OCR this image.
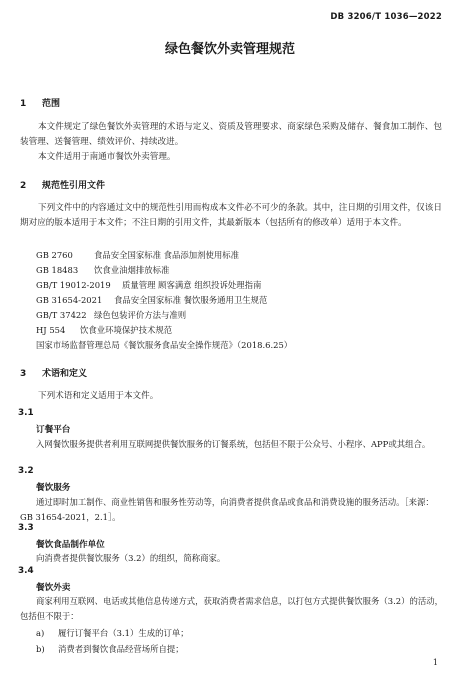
DB 3206/T 1036—2022
绿色餐饮外卖管理规范
1 范围
本文件规定了绿色餐饮外卖管理的术语与定义、资质及管理要求、商家绿色采购及储存、餐食加工制作、包装管理、送餐管理、绩效评价、持续改进。
本文件适用于南通市餐饮外卖管理。
2 规范性引用文件
下列文件中的内容通过文中的规范性引用而构成本文件必不可少的条款。其中，注日期的引用文件，仅该日期对应的版本适用于本文件；不注日期的引用文件，其最新版本（包括所有的修改单）适用于本文件。
GB 2760	食品安全国家标准 食品添加剂使用标准
GB 18483 饮食业油烟排放标准
GB/T 19012-2019 质量管理 顾客满意 组织投诉处理指南
GB 31654-2021 食品安全国家标准 餐饮服务通用卫生规范
GB/T 37422 绿色包装评价方法与准则
HJ 554 饮食业环境保护技术规范
国家市场监督管理总局《餐饮服务食品安全操作规范》（2018.6.25）
3 术语和定义
下列术语和定义适用于本文件。
3.1
订餐平台
入网餐饮服务提供者利用互联网提供餐饮服务的订餐系统，包括但不限于公众号、小程序、APP或其组合。
3.2
餐饮服务
通过即时加工制作、商业性销售和服务性劳动等，向消费者提供食品或食品和消费设施的服务活动。［来源：GB 31654-2021，2.1］。
3.3
餐饮食品制作单位
向消费者提供餐饮服务（3.2）的组织，简称商家。
3.4
餐饮外卖
商家利用互联网、电话或其他信息传递方式，获取消费者需求信息，以打包方式提供餐饮服务（3.2）的活动，包括但不限于：
a) 履行订餐平台（3.1）生成的订单；
b) 消费者到餐饮食品经营场所自提；
1
